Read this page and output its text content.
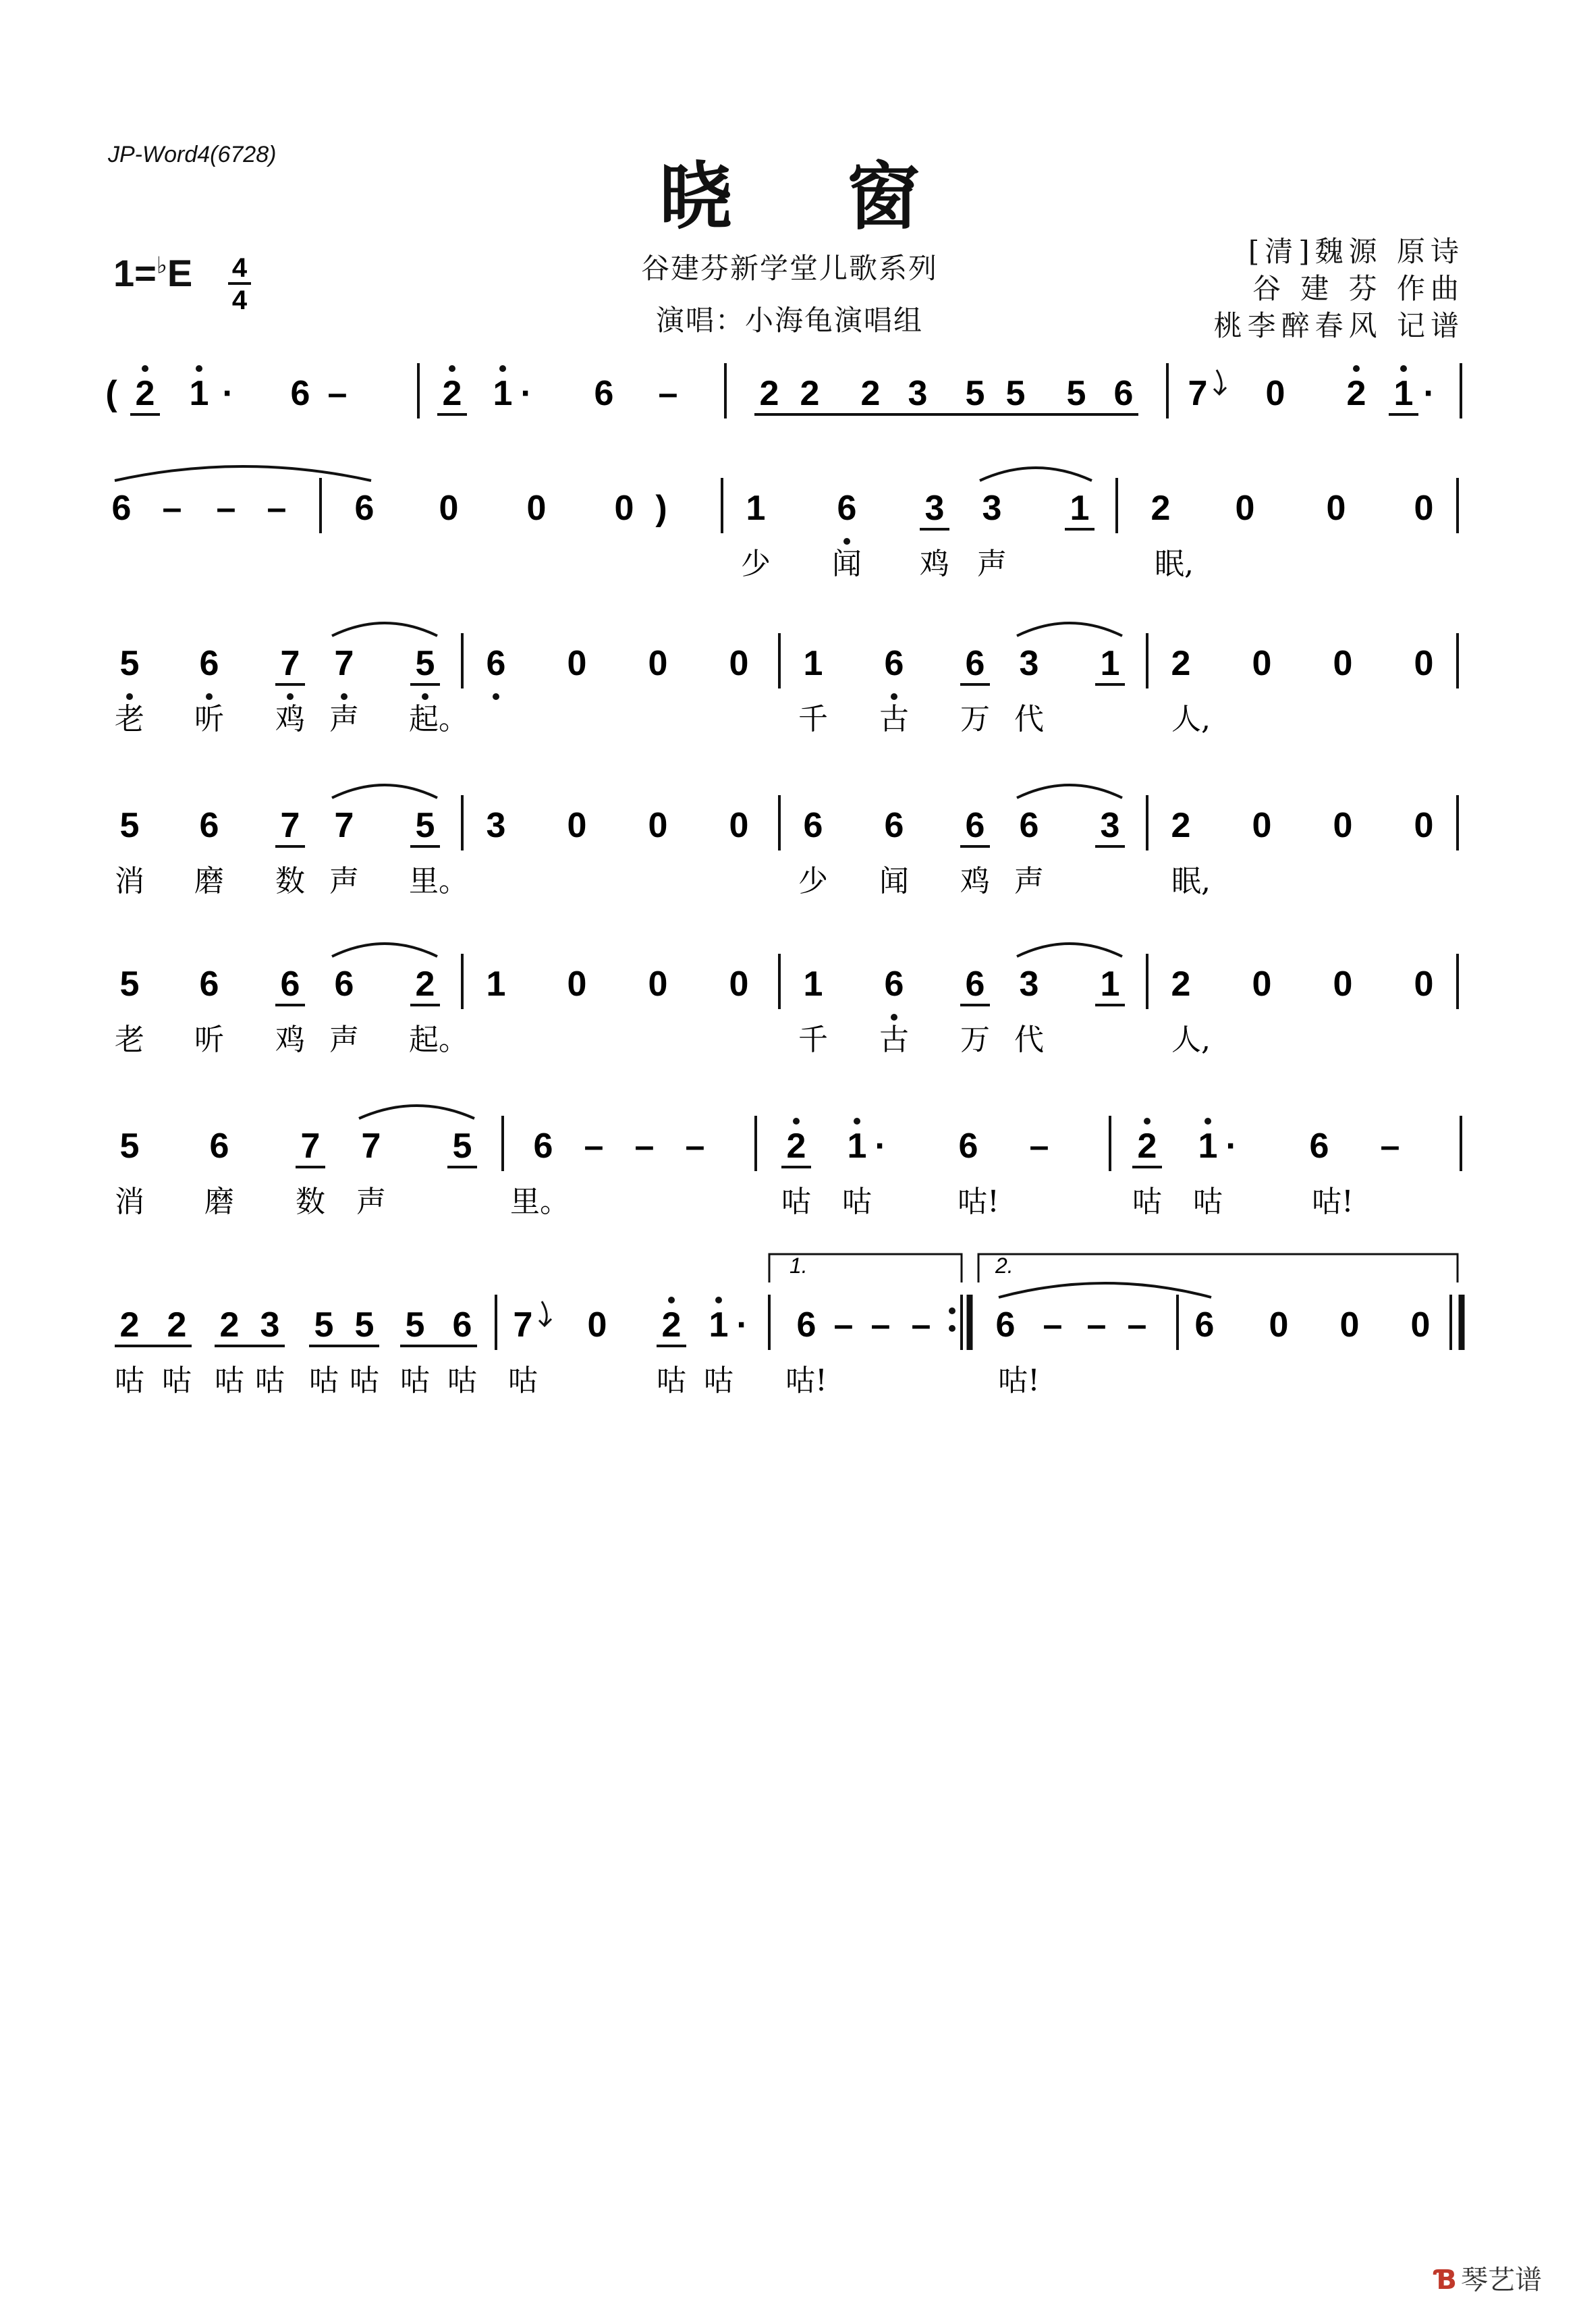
JP-Word4(6728)	晓窗
1=♭E 4
4
谷建芬新学堂儿歌系列
演唱：小海龟演唱组
[清]魏源 原诗
谷 建 芬 作曲
桃李醉春风 记谱
( 2 1 · 6 –	2 1 · 6 – 2 2 2 3 5 5 5 6 7 0 2 1 ·
6 – – – 6 0 0 0 ) 1 6 3 3 1 2 0 0 0
少 闻 鸡 声	眠,
5 6 7 7 5 6 0 0 0 1 6 6 3 1 2 0 0 0
老 听 鸡 声 起。	千 古 万 代	人,
5 6 7 7 5 3 0 0 0 6 6 6 6 3 2 0 0 0
消 磨 数 声 里。	少 闻 鸡 声	眠,
5 6 6 6 2 1 0 0 0 1 6 6 3 1 2 0 0 0
老 听 鸡 声 起。	千 古 万 代	人,
5 6 7 7 5 6 – – – 2 1 · 6 –	2 1 · 6 –
消 磨 数 声	里。	咕 咕	咕!	咕 咕	咕!
2 2 2 3 5 5 5 6 7 0 2 1 · 6 – – – 6 – – – 6 0 0 0
1.	2.
咕 咕 咕 咕 咕 咕 咕 咕 咕	咕 咕 咕!	咕!
Ɓ 琴艺谱
